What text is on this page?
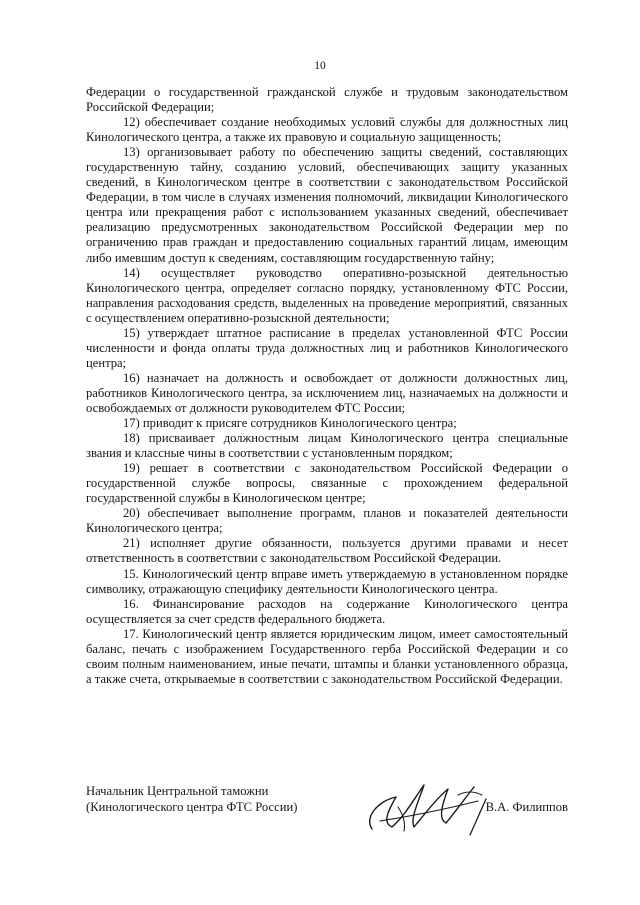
10

Федерации о государственной гражданской службе и трудовым законодательством Российской Федерации;

12) обеспечивает создание необходимых условий службы для должностных лиц Кинологического центра, а также их правовую и социальную защищенность;

13) организовывает работу по обеспечению защиты сведений, составляющих государственную тайну, созданию условий, обеспечивающих защиту указанных сведений, в Кинологическом центре в соответствии с законодательством Российской Федерации, в том числе в случаях изменения полномочий, ликвидации Кинологического центра или прекращения работ с использованием указанных сведений, обеспечивает реализацию предусмотренных законодательством Российской Федерации мер по ограничению прав граждан и предоставлению социальных гарантий лицам, имеющим либо имевшим доступ к сведениям, составляющим государственную тайну;

14) осуществляет руководство оперативно-розыскной деятельностью Кинологического центра, определяет согласно порядку, установленному ФТС России, направления расходования средств, выделенных на проведение мероприятий, связанных с осуществлением оперативно-розыскной деятельности;

15) утверждает штатное расписание в пределах установленной ФТС России численности и фонда оплаты труда должностных лиц и работников Кинологического центра;

16) назначает на должность и освобождает от должности должностных лиц, работников Кинологического центра, за исключением лиц, назначаемых на должности и освобождаемых от должности руководителем ФТС России;

17) приводит к присяге сотрудников Кинологического центра;

18) присваивает должностным лицам Кинологического центра специальные звания и классные чины в соответствии с установленным порядком;

19) решает в соответствии с законодательством Российской Федерации о государственной службе вопросы, связанные с прохождением федеральной государственной службы в Кинологическом центре;

20) обеспечивает выполнение программ, планов и показателей деятельности Кинологического центра;

21) исполняет другие обязанности, пользуется другими правами и несет ответственность в соответствии с законодательством Российской Федерации.

15. Кинологический центр вправе иметь утверждаемую в установленном порядке символику, отражающую специфику деятельности Кинологического центра.

16. Финансирование расходов на содержание Кинологического центра осуществляется за счет средств федерального бюджета.

17. Кинологический центр является юридическим лицом, имеет самостоятельный баланс, печать с изображением Государственного герба Российской Федерации и со своим полным наименованием, иные печати, штампы и бланки установленного образца, а также счета, открываемые в соответствии с законодательством Российской Федерации.

Начальник Центральной таможни
(Кинологического центра ФТС России)	В.А. Филиппов
